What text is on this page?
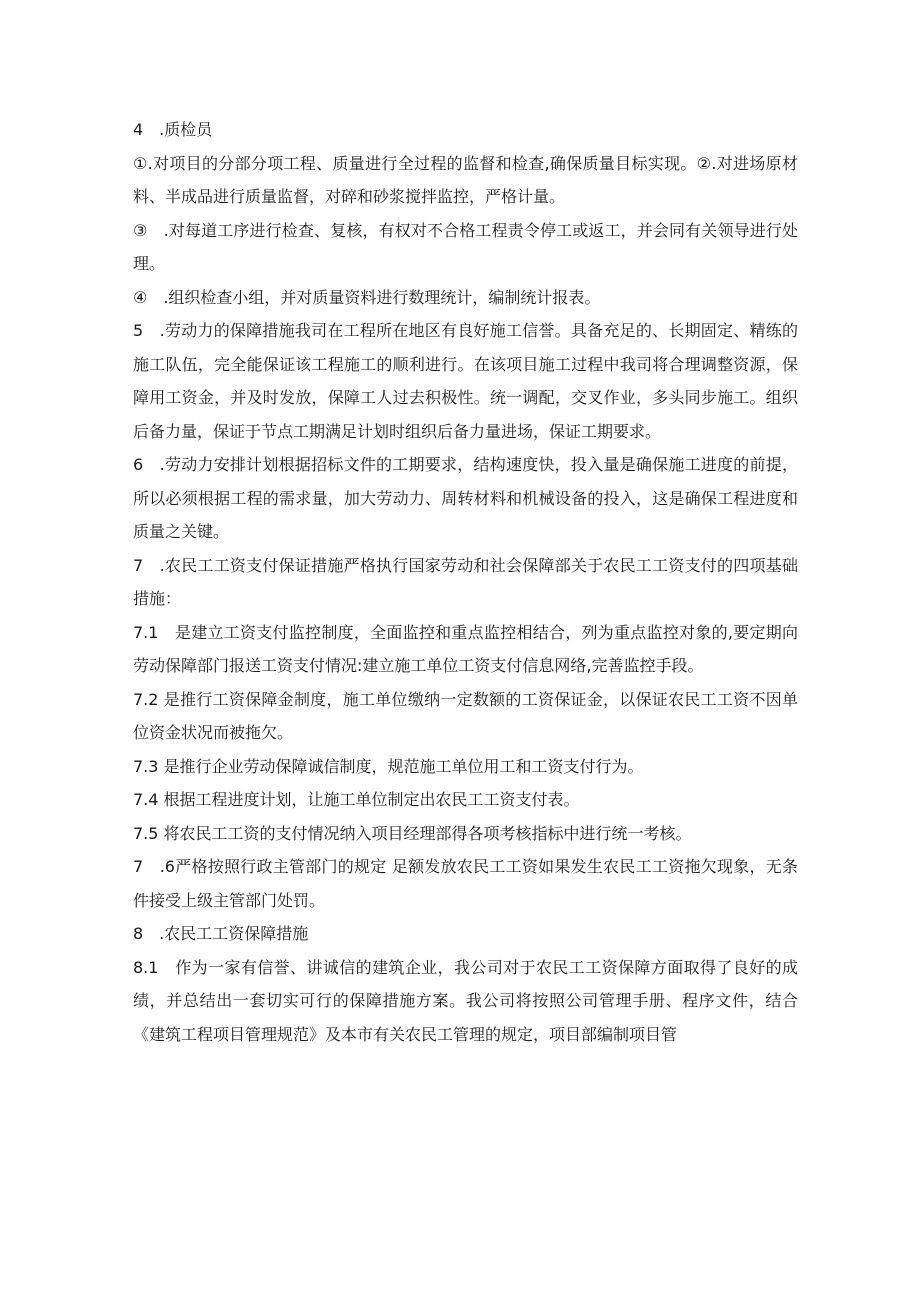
4　.质检员

①.对项目的分部分项工程、质量进行全过程的监督和检查,确保质量目标实现。②.对进场原材料、半成品进行质量监督，对碎和砂浆搅拌监控，严格计量。

③　.对每道工序进行检查、复核，有权对不合格工程责令停工或返工，并会同有关领导进行处理。

④　.组织检查小组，并对质量资料进行数理统计，编制统计报表。

5　.劳动力的保障措施我司在工程所在地区有良好施工信誉。具备充足的、长期固定、精练的施工队伍，完全能保证该工程施工的顺利进行。在该项目施工过程中我司将合理调整资源，保障用工资金，并及时发放，保障工人过去积极性。统一调配，交叉作业，多头同步施工。组织后备力量，保证于节点工期满足计划时组织后备力量进场，保证工期要求。

6　.劳动力安排计划根据招标文件的工期要求，结构速度快，投入量是确保施工进度的前提，所以必须根据工程的需求量，加大劳动力、周转材料和机械设备的投入，这是确保工程进度和质量之关键。

7　.农民工工资支付保证措施严格执行国家劳动和社会保障部关于农民工工资支付的四项基础措施：

7.1　是建立工资支付监控制度，全面监控和重点监控相结合，列为重点监控对象的,要定期向劳动保障部门报送工资支付情况:建立施工单位工资支付信息网络,完善监控手段。

7.2 是推行工资保障金制度，施工单位缴纳一定数额的工资保证金，以保证农民工工资不因单位资金状况而被拖欠。

7.3 是推行企业劳动保障诚信制度，规范施工单位用工和工资支付行为。

7.4 根据工程进度计划，让施工单位制定出农民工工资支付表。

7.5 将农民工工资的支付情况纳入项目经理部得各项考核指标中进行统一考核。

7　.6严格按照行政主管部门的规定 足额发放农民工工资如果发生农民工工资拖欠现象，无条件接受上级主管部门处罚。

8　.农民工工资保障措施

8.1　作为一家有信誉、讲诚信的建筑企业，我公司对于农民工工资保障方面取得了良好的成绩，并总结出一套切实可行的保障措施方案。我公司将按照公司管理手册、程序文件，结合《建筑工程项目管理规范》及本市有关农民工管理的规定，项目部编制项目管
